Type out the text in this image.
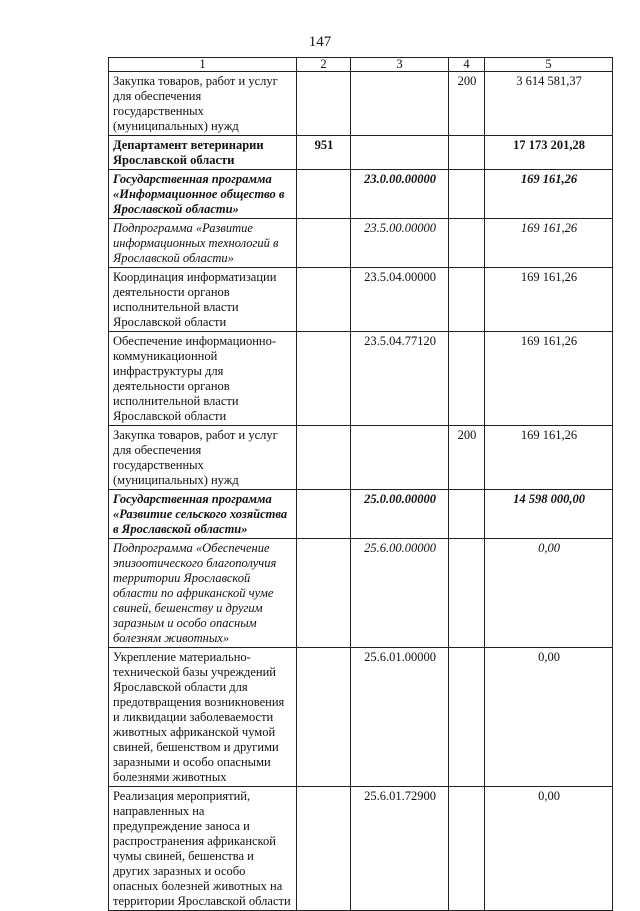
147
1	2	3	4	5
Закупка товаров, работ и услуг для обеспечения государственных (муниципальных) нужд			200	3 614 581,37
Департамент ветеринарии Ярославской области	951			17 173 201,28
Государственная программа «Информационное общество в Ярославской области»		23.0.00.00000		169 161,26
Подпрограмма «Развитие информационных технологий в Ярославской области»		23.5.00.00000		169 161,26
Координация информатизации деятельности органов исполнительной власти Ярославской области		23.5.04.00000		169 161,26
Обеспечение информационно-коммуникационной инфраструктуры для деятельности органов исполнительной власти Ярославской области		23.5.04.77120		169 161,26
Закупка товаров, работ и услуг для обеспечения государственных (муниципальных) нужд			200	169 161,26
Государственная программа «Развитие сельского хозяйства в Ярославской области»		25.0.00.00000		14 598 000,00
Подпрограмма «Обеспечение эпизоотического благополучия территории Ярославской области по африканской чуме свиней, бешенству и другим заразным и особо опасным болезням животных»		25.6.00.00000		0,00
Укрепление материально-технической базы учреждений Ярославской области для предотвращения возникновения и ликвидации заболеваемости животных африканской чумой свиней, бешенством и другими заразными и особо опасными болезнями животных		25.6.01.00000		0,00
Реализация мероприятий, направленных на предупреждение заноса и распространения африканской чумы свиней, бешенства и других заразных и особо опасных болезней животных на территории Ярославской области		25.6.01.72900		0,00
